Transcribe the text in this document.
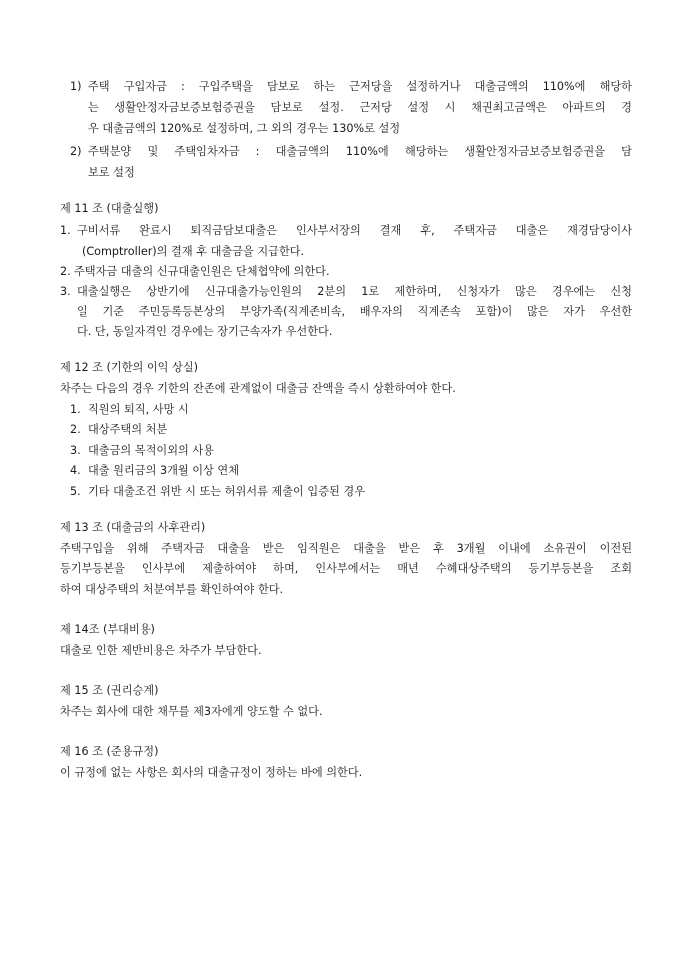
1) 주택 구입자금 : 구입주택을 담보로 하는 근저당을 설정하거나 대출금액의 110%에 해당하
는 생활안정자금보증보험증권을 담보로 설정. 근저당 설정 시 채권최고금액은 아파트의 경
우 대출금액의 120%로 설정하며, 그 외의 경우는 130%로 설정
2) 주택분양 및 주택임차자금 : 대출금액의 110%에 해당하는 생활안정자금보증보험증권을 담
보로 설정
제 11 조 (대출실행)
1. 구비서류 완료시 퇴직금담보대출은 인사부서장의 결재 후, 주택자금 대출은 재경담당이사
(Comptroller)의 결재 후 대출금을 지급한다.
2. 주택자금 대출의 신규대출인원은 단체협약에 의한다.
3. 대출실행은 상반기에 신규대출가능인원의 2분의 1로 제한하며, 신청자가 많은 경우에는 신청
일 기준 주민등록등본상의 부양가족(직계존비속, 배우자의 직계존속 포함)이 많은 자가 우선한
다. 단, 동일자격인 경우에는 장기근속자가 우선한다.
제 12 조 (기한의 이익 상실)
차주는 다음의 경우 기한의 잔존에 관계없이 대출금 잔액을 즉시 상환하여야 한다.
1. 직원의 퇴직, 사망 시
2. 대상주택의 처분
3. 대출금의 목적이외의 사용
4. 대출 원리금의 3개월 이상 연체
5. 기타 대출조건 위반 시 또는 허위서류 제출이 입증된 경우
제 13 조 (대출금의 사후관리)
주택구입을 위해 주택자금 대출을 받은 임직원은 대출을 받은 후 3개월 이내에 소유권이 이전된
등기부등본을 인사부에 제출하여야 하며, 인사부에서는 매년 수혜대상주택의 등기부등본을 조회
하여 대상주택의 처분여부를 확인하여야 한다.
제 14조 (부대비용)
대출로 인한 제반비용은 차주가 부담한다.
제 15 조 (권리승계)
차주는 회사에 대한 채무를 제3자에게 양도할 수 없다.
제 16 조 (준용규정)
이 규정에 없는 사항은 회사의 대출규정이 정하는 바에 의한다.
